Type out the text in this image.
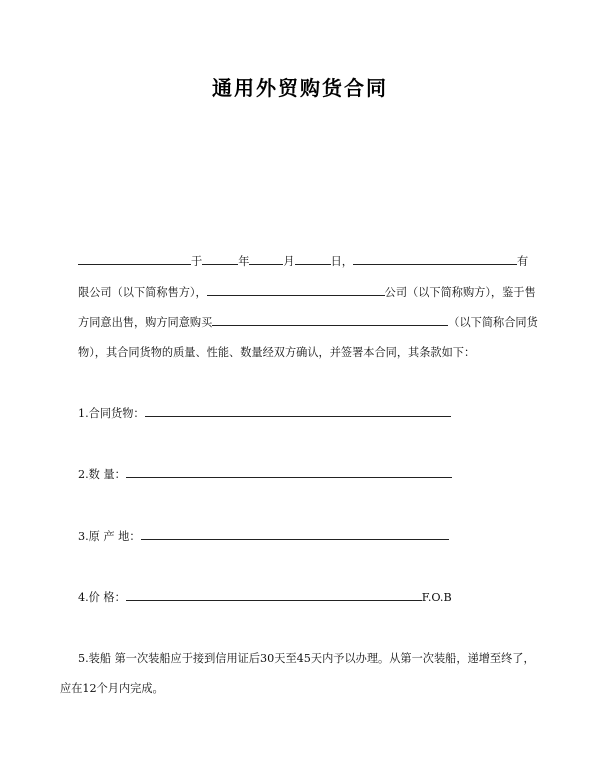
通用外贸购货合同
于	年	月	日，	有
限公司（以下简称售方），	公司（以下简称购方），鉴于售
方同意出售，购方同意购买	（以下简称合同货
物），其合同货物的质量、性能、数量经双方确认，并签署本合同，其条款如下：
1.合同货物：
2.数 量：
3.原 产 地：
4.价 格：	F.O.B
5.装船 第一次装船应于接到信用证后30天至45天内予以办理。从第一次装船，递增至终了，
应在12个月内完成。
